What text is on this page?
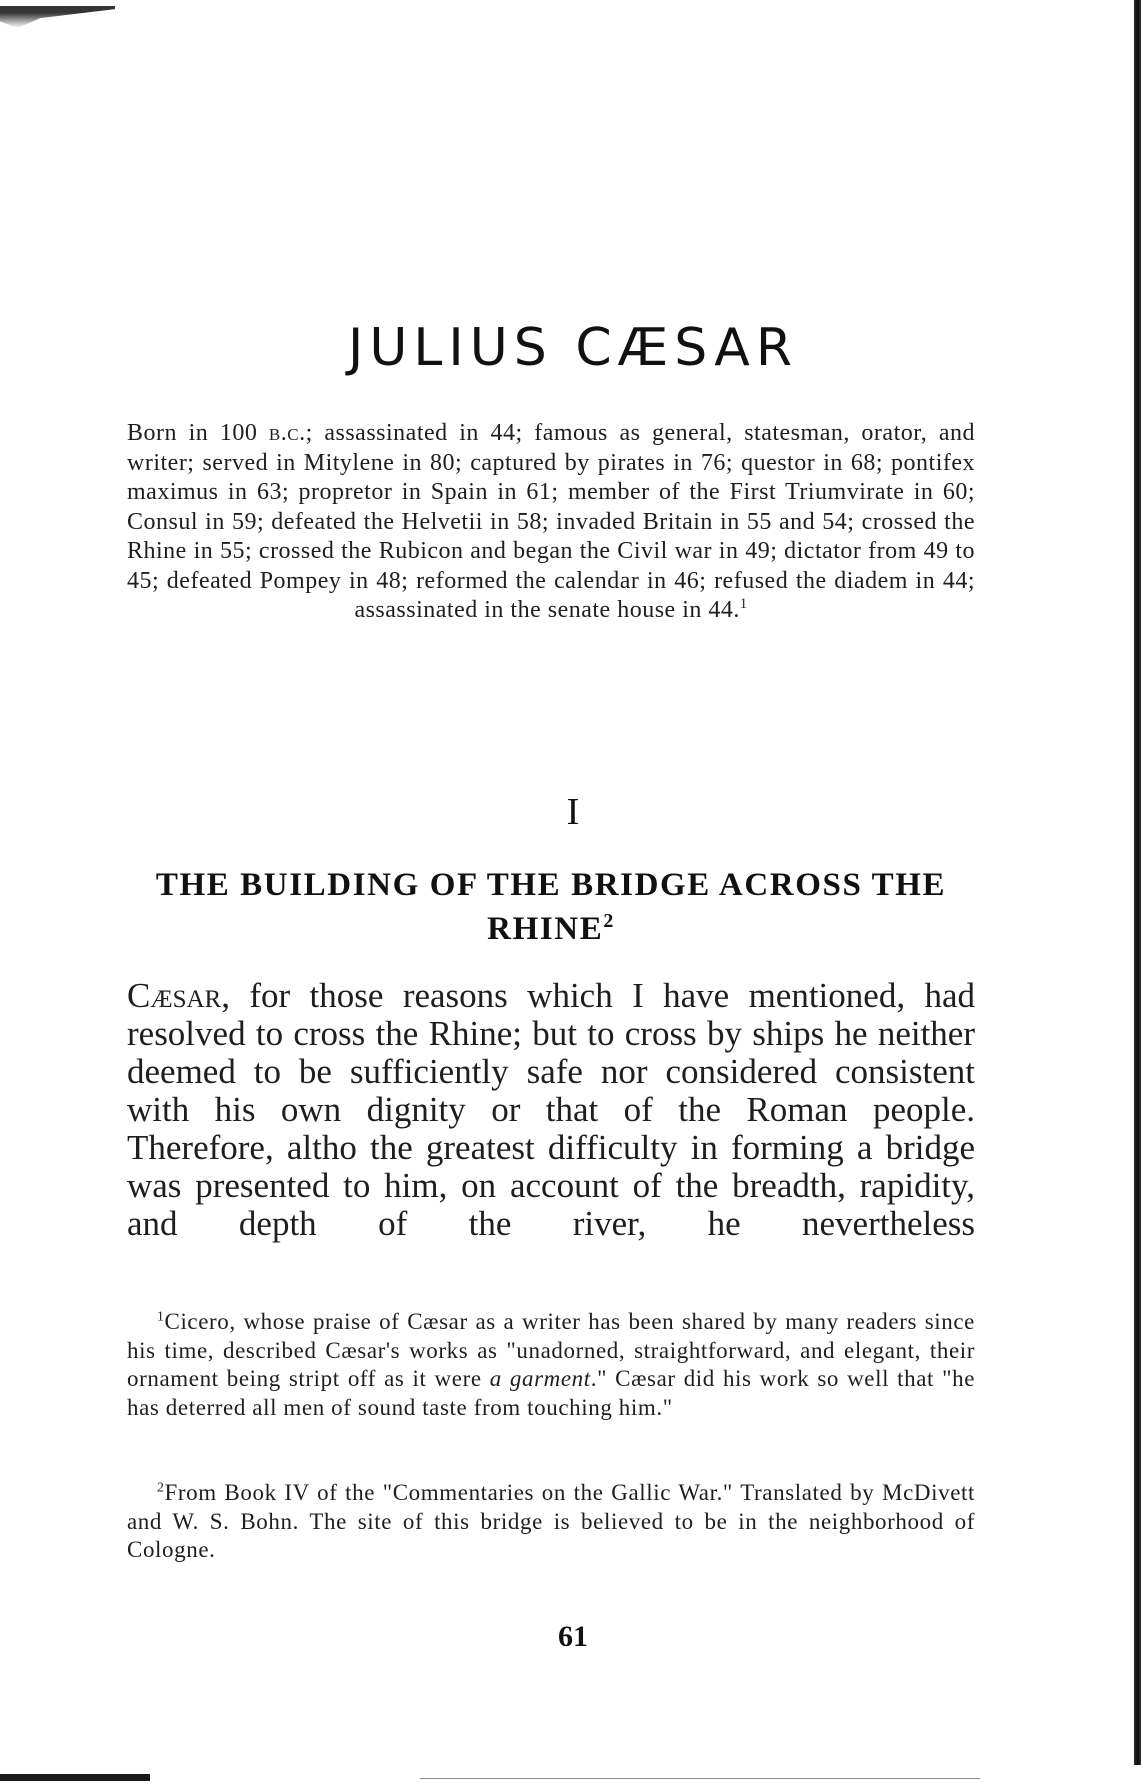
JULIUS CÆSAR

Born in 100 b.c.; assassinated in 44; famous as general, statesman, orator, and writer; served in Mitylene in 80; captured by pirates in 76; questor in 68; pontifex maximus in 63; propretor in Spain in 61; member of the First Triumvirate in 60; Consul in 59; defeated the Helvetii in 58; invaded Britain in 55 and 54; crossed the Rhine in 55; crossed the Rubicon and began the Civil war in 49; dictator from 49 to 45; defeated Pompey in 48; reformed the calendar in 46; refused the diadem in 44; assassinated in the senate house in 44.$^1$

I
THE BUILDING OF THE BRIDGE ACROSS THE RHINE$^2$

Cæsar, for those reasons which I have mentioned, had resolved to cross the Rhine; but to cross by ships he neither deemed to be sufficiently safe nor considered consistent with his own dignity or that of the Roman people. Therefore, altho the greatest difficulty in forming a bridge was presented to him, on account of the breadth, rapidity, and depth of the river, he nevertheless

$^1$Cicero, whose praise of Cæsar as a writer has been shared by many readers since his time, described Cæsar's works as "unadorned, straightforward, and elegant, their ornament being stript off as it were a garment." Cæsar did his work so well that "he has deterred all men of sound taste from touching him."

$^2$From Book IV of the "Commentaries on the Gallic War." Translated by McDivett and W. S. Bohn. The site of this bridge is believed to be in the neighborhood of Cologne.

61
